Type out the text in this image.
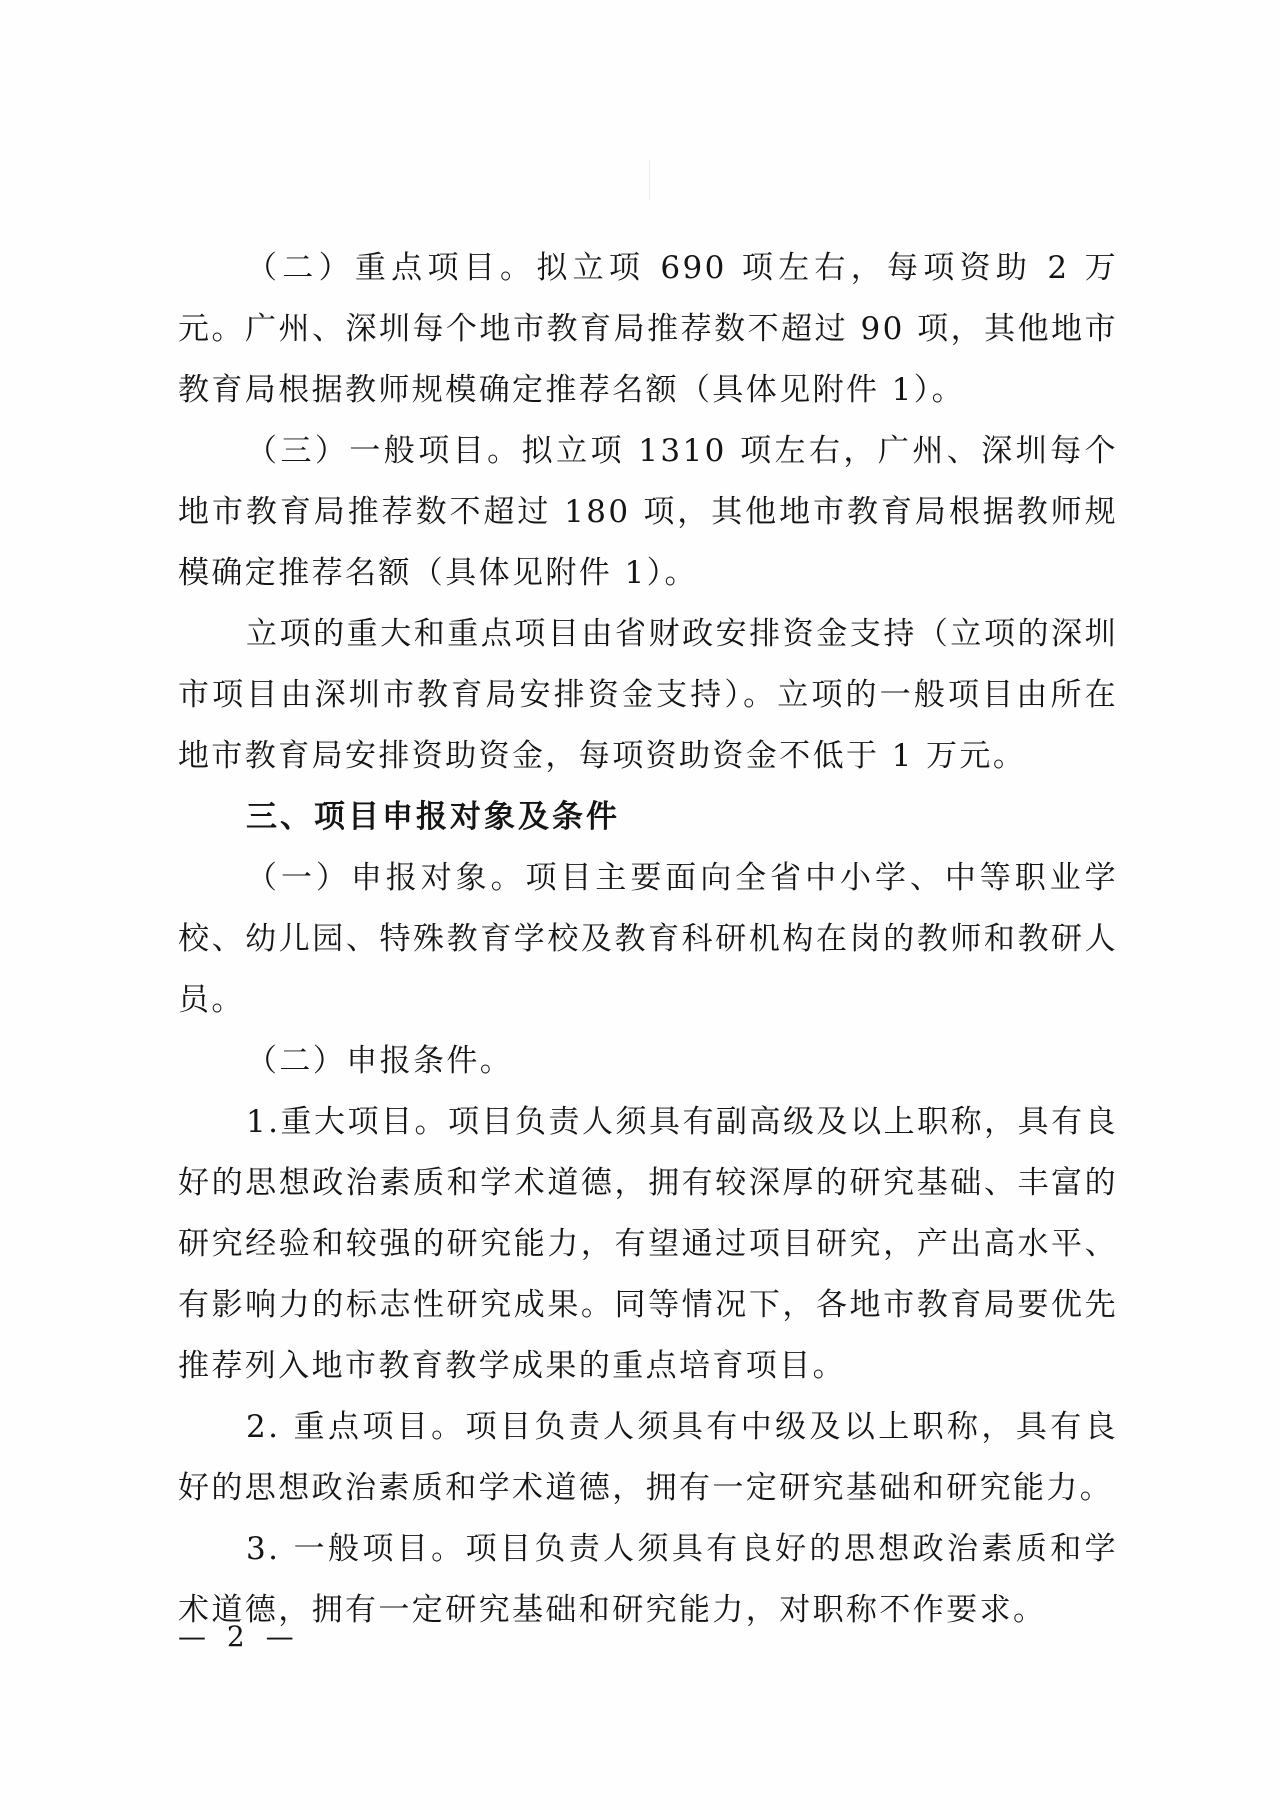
（二）重点项目。拟立项 690 项左右，每项资助 2 万元。广州、深圳每个地市教育局推荐数不超过 90 项，其他地市教育局根据教师规模确定推荐名额（具体见附件 1）。

（三）一般项目。拟立项 1310 项左右，广州、深圳每个地市教育局推荐数不超过 180 项，其他地市教育局根据教师规模确定推荐名额（具体见附件 1）。

立项的重大和重点项目由省财政安排资金支持（立项的深圳市项目由深圳市教育局安排资金支持）。立项的一般项目由所在地市教育局安排资助资金，每项资助资金不低于 1 万元。

三、项目申报对象及条件

（一）申报对象。项目主要面向全省中小学、中等职业学校、幼儿园、特殊教育学校及教育科研机构在岗的教师和教研人员。

（二）申报条件。

1.重大项目。项目负责人须具有副高级及以上职称，具有良好的思想政治素质和学术道德，拥有较深厚的研究基础、丰富的研究经验和较强的研究能力，有望通过项目研究，产出高水平、有影响力的标志性研究成果。同等情况下，各地市教育局要优先推荐列入地市教育教学成果的重点培育项目。

2. 重点项目。项目负责人须具有中级及以上职称，具有良好的思想政治素质和学术道德，拥有一定研究基础和研究能力。

3. 一般项目。项目负责人须具有良好的思想政治素质和学术道德，拥有一定研究基础和研究能力，对职称不作要求。

— 2 —
